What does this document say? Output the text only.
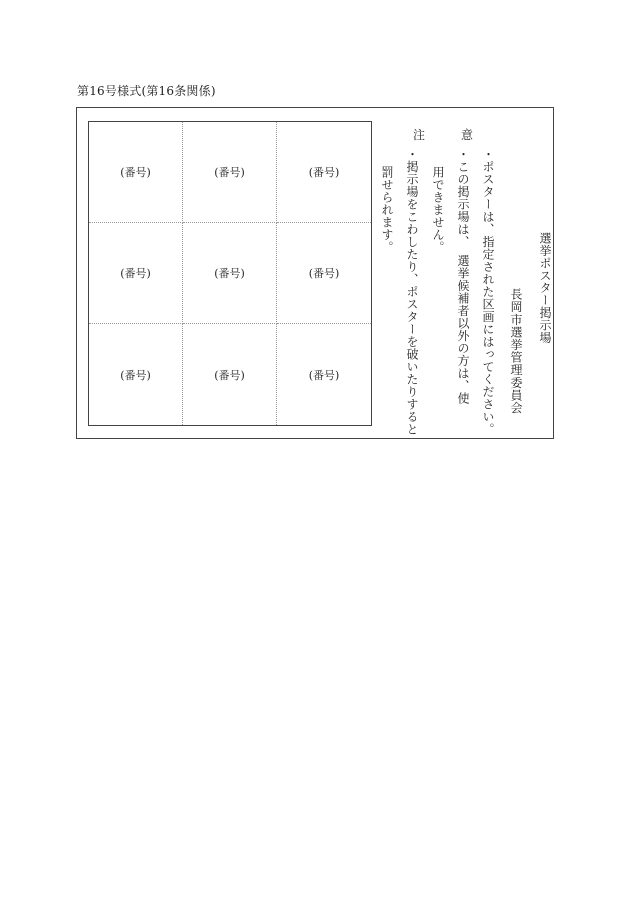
第16号様式(第16条関係)
(番号)	(番号)	(番号)
(番号)	(番号)	(番号)
(番号)	(番号)	(番号)
選挙ポスター掲示場
長岡市選挙管理委員会
注	意
・ポスターは、指定された区画にはってください。
・この掲示場は、　選挙候補者以外の方は、使
用できません。
・掲示場をこわしたり、ポスターを破いたりすると
罰せられます。
